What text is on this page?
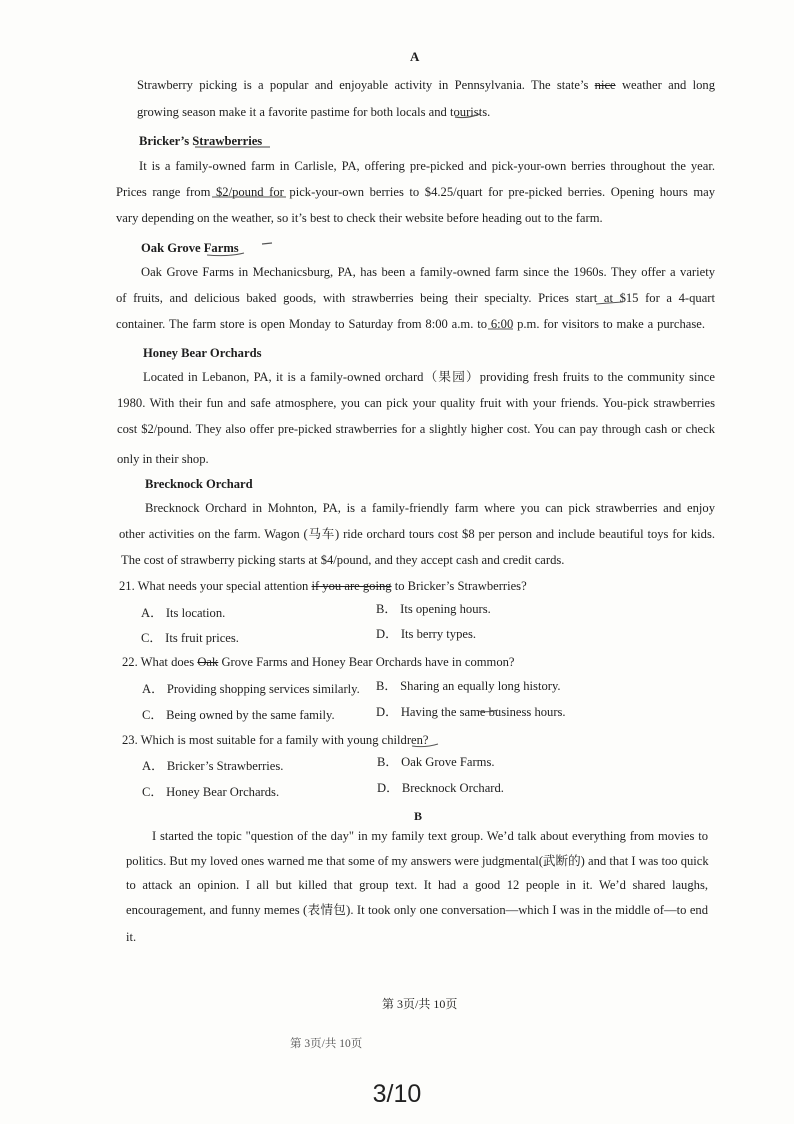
A
Strawberry picking is a popular and enjoyable activity in Pennsylvania. The state’s nice weather and long
growing season make it a favorite pastime for both locals and tourists.
Bricker’s Strawberries
It is a family-owned farm in Carlisle, PA, offering pre-picked and pick-your-own berries throughout the year.
Prices range from $2/pound for pick-your-own berries to $4.25/quart for pre-picked berries. Opening hours may
vary depending on the weather, so it’s best to check their website before heading out to the farm.
Oak Grove Farms
Oak Grove Farms in Mechanicsburg, PA, has been a family-owned farm since the 1960s. They offer a variety
of fruits, and delicious baked goods, with strawberries being their specialty. Prices start at $15 for a 4-quart
container. The farm store is open Monday to Saturday from 8:00 a.m. to 6:00 p.m. for visitors to make a purchase.
Honey Bear Orchards
Located in Lebanon, PA, it is a family-owned orchard（果园）providing fresh fruits to the community since
1980. With their fun and safe atmosphere, you can pick your quality fruit with your friends. You-pick strawberries
cost $2/pound. They also offer pre-picked strawberries for a slightly higher cost. You can pay through cash or check
only in their shop.
Brecknock Orchard
Brecknock Orchard in Mohnton, PA, is a family-friendly farm where you can pick strawberries and enjoy
other activities on the farm. Wagon (马车) ride orchard tours cost $8 per person and include beautiful toys for kids.
The cost of strawberry picking starts at $4/pound, and they accept cash and credit cards.
21. What needs your special attention if you are going to Bricker’s Strawberries?
A． Its location.	B． Its opening hours.
C． Its fruit prices.	D． Its berry types.
22. What does Oak Grove Farms and Honey Bear Orchards have in common?
A． Providing shopping services similarly. B． Sharing an equally long history.
C． Being owned by the same family.	D． Having the same business hours.
23. Which is most suitable for a family with young children?
A． Bricker’s Strawberries.	B． Oak Grove Farms.
C． Honey Bear Orchards.	D． Brecknock Orchard.
B
I started the topic "question of the day" in my family text group. We’d talk about everything from movies to
politics. But my loved ones warned me that some of my answers were judgmental(武断的) and that I was too quick
to attack an opinion. I all but killed that group text. It had a good 12 people in it. We’d shared laughs,
encouragement, and funny memes (表情包). It took only one conversation—which I was in the middle of—to end
it.
第 3页/共 10页
第 3页/共 10页
3/10
